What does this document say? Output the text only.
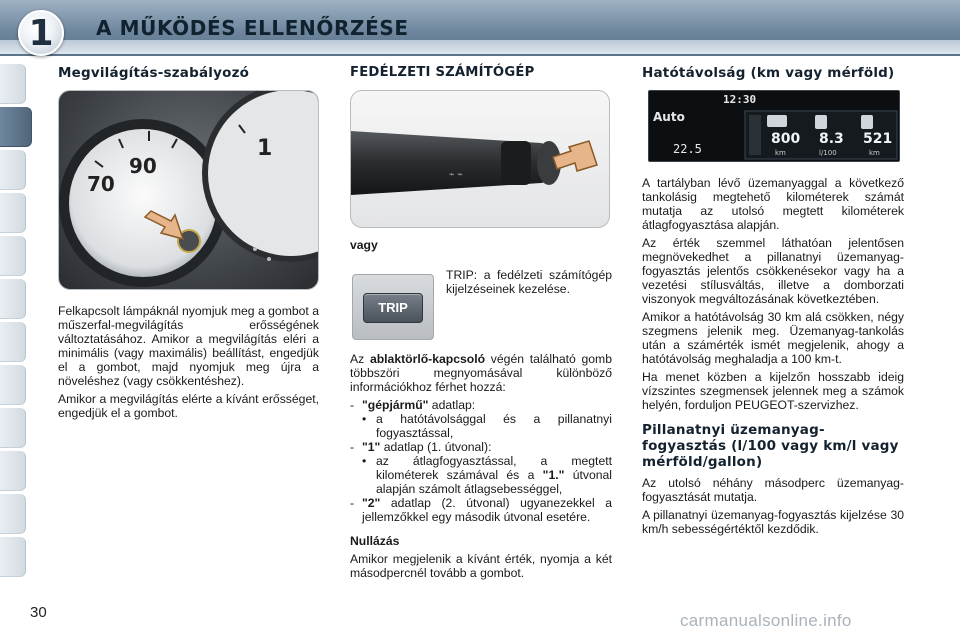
1	A MŰKÖDÉS ELLENŐRZÉSE
Megvilágítás-szabályozó
90
70
1

Felkapcsolt lámpáknál nyomjuk meg a gombot a műszerfal-megvilágítás erősségének változtatásához. Amikor a megvilágítás eléri a minimális (vagy maximális) beállítást, engedjük el a gombot, majd nyomjuk meg újra a növeléshez (vagy csökkentéshez).

Amikor a megvilágítás elérte a kívánt erősséget, engedjük el a gombot.

FEDÉLZETI SZÁMÍTÓGÉP
⌁ ⌁
vagy
TRIP
TRIP: a fedélzeti számítógép kijelzéseinek kezelése.

Az ablaktörlő-kapcsoló végén található gomb többszöri megnyomásával különböző információkhoz férhet hozzá:

- "gépjármű" adatlap:
• a hatótávolsággal és a pillanatnyi fogyasztással,
- "1" adatlap (1. útvonal):
• az átlagfogyasztással, a megtett kilométerek számával és a "1." útvonal alapján számolt átlagsebességgel,
- "2" adatlap (2. útvonal) ugyanezekkel a jellemzőkkel egy második útvonal esetére.
Nullázás

Amikor megjelenik a kívánt érték, nyomja a két másodpercnél tovább a gombot.

Hatótávolság (km vagy mérföld)
12:30
Auto
22.5
800 8.3 521
km	l/100	km

A tartályban lévő üzemanyaggal a következő tankolásig megtehető kilométerek számát mutatja az utolsó megtett kilométerek átlagfogyasztása alapján.

Az érték szemmel láthatóan jelentősen megnövekedhet a pillanatnyi üzemanyag-fogyasztás jelentős csökkenésekor vagy ha a vezetési stílusváltás, illetve a domborzati viszonyok megváltozásának következtében.

Amikor a hatótávolság 30 km alá csökken, négy szegmens jelenik meg. Üzemanyag-tankolás után a számérték ismét megjelenik, ahogy a hatótávolság meghaladja a 100 km-t.

Ha menet közben a kijelzőn hosszabb ideig vízszintes szegmensek jelennek meg a számok helyén, forduljon PEUGEOT-szervizhez.

Pillanatnyi üzemanyag-fogyasztás (l/100 vagy km/l vagy mérföld/gallon)

Az utolsó néhány másodperc üzemanyag-fogyasztását mutatja.

A pillanatnyi üzemanyag-fogyasztás kijelzése 30 km/h sebességértéktől kezdődik.

30	carmanualsonline.info
